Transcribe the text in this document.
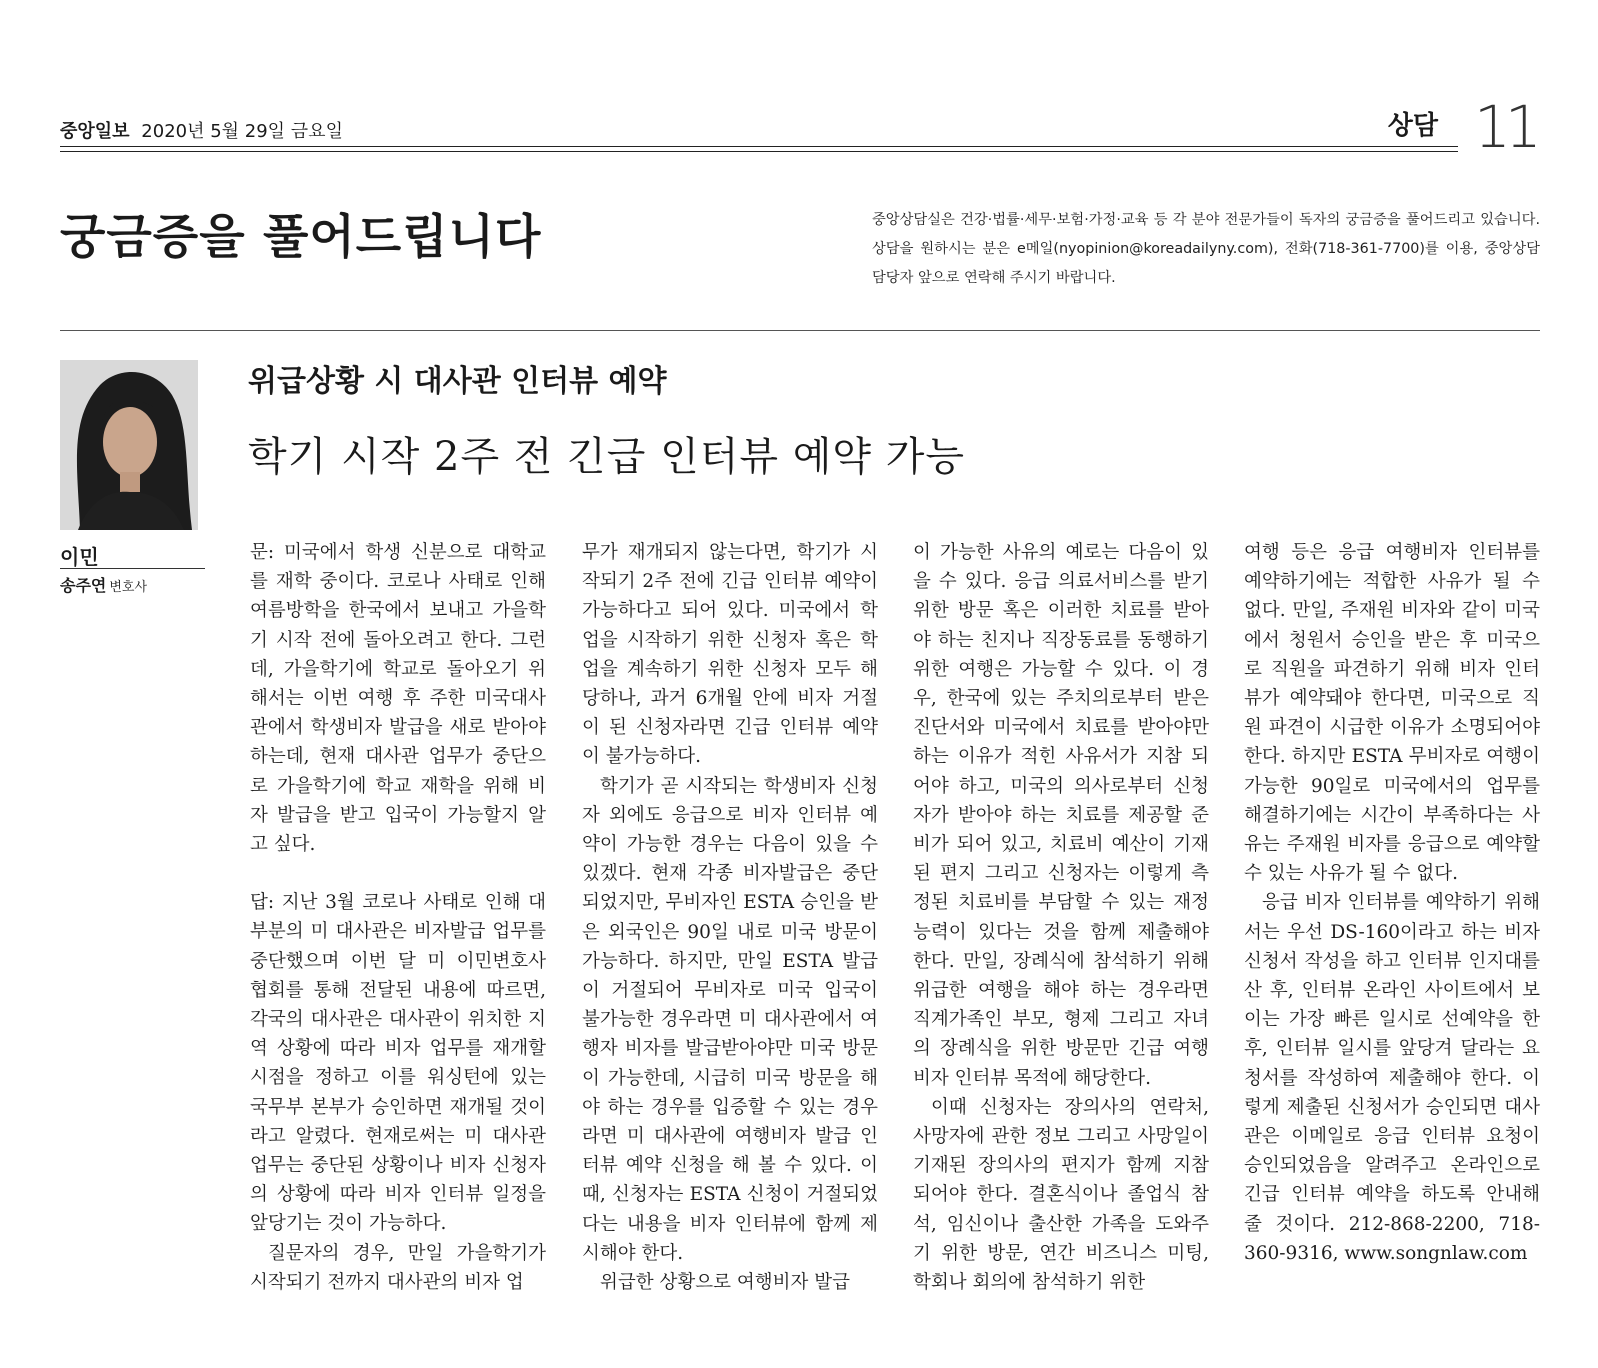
중앙일보 2020년 5월 29일 금요일	상담 11
궁금증을 풀어드립니다	중앙상담실은 건강·법률·세무·보험·가정·교육 등 각 분야 전문가들이 독자의 궁금증을 풀어드리고 있습니다. 상담을 원하시는 분은 e메일(nyopinion@koreadailyny.com), 전화(718-361-7700)를 이용, 중앙상담 담당자 앞으로 연락해 주시기 바랍니다.
이민
송주연 변호사
위급상황 시 대사관 인터뷰 예약
학기 시작 2주 전 긴급 인터뷰 예약 가능

문: 미국에서 학생 신분으로 대학교를 재학 중이다. 코로나 사태로 인해 여름방학을 한국에서 보내고 가을학기 시작 전에 돌아오려고 한다. 그런데, 가을학기에 학교로 돌아오기 위해서는 이번 여행 후 주한 미국대사관에서 학생비자 발급을 새로 받아야 하는데, 현재 대사관 업무가 중단으로 가을학기에 학교 재학을 위해 비자 발급을 받고 입국이 가능할지 알고 싶다.

답: 지난 3월 코로나 사태로 인해 대부분의 미 대사관은 비자발급 업무를 중단했으며 이번 달 미 이민변호사 협회를 통해 전달된 내용에 따르면, 각국의 대사관은 대사관이 위치한 지역 상황에 따라 비자 업무를 재개할 시점을 정하고 이를 워싱턴에 있는 국무부 본부가 승인하면 재개될 것이라고 알렸다. 현재로써는 미 대사관 업무는 중단된 상황이나 비자 신청자의 상황에 따라 비자 인터뷰 일정을 앞당기는 것이 가능하다.

질문자의 경우, 만일 가을학기가 시작되기 전까지 대사관의 비자 업

무가 재개되지 않는다면, 학기가 시작되기 2주 전에 긴급 인터뷰 예약이 가능하다고 되어 있다. 미국에서 학업을 시작하기 위한 신청자 혹은 학업을 계속하기 위한 신청자 모두 해당하나, 과거 6개월 안에 비자 거절이 된 신청자라면 긴급 인터뷰 예약이 불가능하다.

학기가 곧 시작되는 학생비자 신청자 외에도 응급으로 비자 인터뷰 예약이 가능한 경우는 다음이 있을 수 있겠다. 현재 각종 비자발급은 중단되었지만, 무비자인 ESTA 승인을 받은 외국인은 90일 내로 미국 방문이 가능하다. 하지만, 만일 ESTA 발급이 거절되어 무비자로 미국 입국이 불가능한 경우라면 미 대사관에서 여행자 비자를 발급받아야만 미국 방문이 가능한데, 시급히 미국 방문을 해야 하는 경우를 입증할 수 있는 경우라면 미 대사관에 여행비자 발급 인터뷰 예약 신청을 해 볼 수 있다. 이때, 신청자는 ESTA 신청이 거절되었다는 내용을 비자 인터뷰에 함께 제시해야 한다.

위급한 상황으로 여행비자 발급

이 가능한 사유의 예로는 다음이 있을 수 있다. 응급 의료서비스를 받기 위한 방문 혹은 이러한 치료를 받아야 하는 친지나 직장동료를 동행하기 위한 여행은 가능할 수 있다. 이 경우, 한국에 있는 주치의로부터 받은 진단서와 미국에서 치료를 받아야만 하는 이유가 적힌 사유서가 지참 되어야 하고, 미국의 의사로부터 신청자가 받아야 하는 치료를 제공할 준비가 되어 있고, 치료비 예산이 기재된 편지 그리고 신청자는 이렇게 측정된 치료비를 부담할 수 있는 재정 능력이 있다는 것을 함께 제출해야 한다. 만일, 장례식에 참석하기 위해 위급한 여행을 해야 하는 경우라면 직계가족인 부모, 형제 그리고 자녀의 장례식을 위한 방문만 긴급 여행비자 인터뷰 목적에 해당한다.

이때 신청자는 장의사의 연락처, 사망자에 관한 정보 그리고 사망일이 기재된 장의사의 편지가 함께 지참 되어야 한다. 결혼식이나 졸업식 참석, 임신이나 출산한 가족을 도와주기 위한 방문, 연간 비즈니스 미팅, 학회나 회의에 참석하기 위한

여행 등은 응급 여행비자 인터뷰를 예약하기에는 적합한 사유가 될 수 없다. 만일, 주재원 비자와 같이 미국에서 청원서 승인을 받은 후 미국으로 직원을 파견하기 위해 비자 인터뷰가 예약돼야 한다면, 미국으로 직원 파견이 시급한 이유가 소명되어야 한다. 하지만 ESTA 무비자로 여행이 가능한 90일로 미국에서의 업무를 해결하기에는 시간이 부족하다는 사유는 주재원 비자를 응급으로 예약할 수 있는 사유가 될 수 없다.

응급 비자 인터뷰를 예약하기 위해서는 우선 DS-160이라고 하는 비자 신청서 작성을 하고 인터뷰 인지대를 산 후, 인터뷰 온라인 사이트에서 보이는 가장 빠른 일시로 선예약을 한 후, 인터뷰 일시를 앞당겨 달라는 요청서를 작성하여 제출해야 한다. 이렇게 제출된 신청서가 승인되면 대사관은 이메일로 응급 인터뷰 요청이 승인되었음을 알려주고 온라인으로 긴급 인터뷰 예약을 하도록 안내해 줄 것이다. 212-868-2200, 718-360-9316, www.songnlaw.com
